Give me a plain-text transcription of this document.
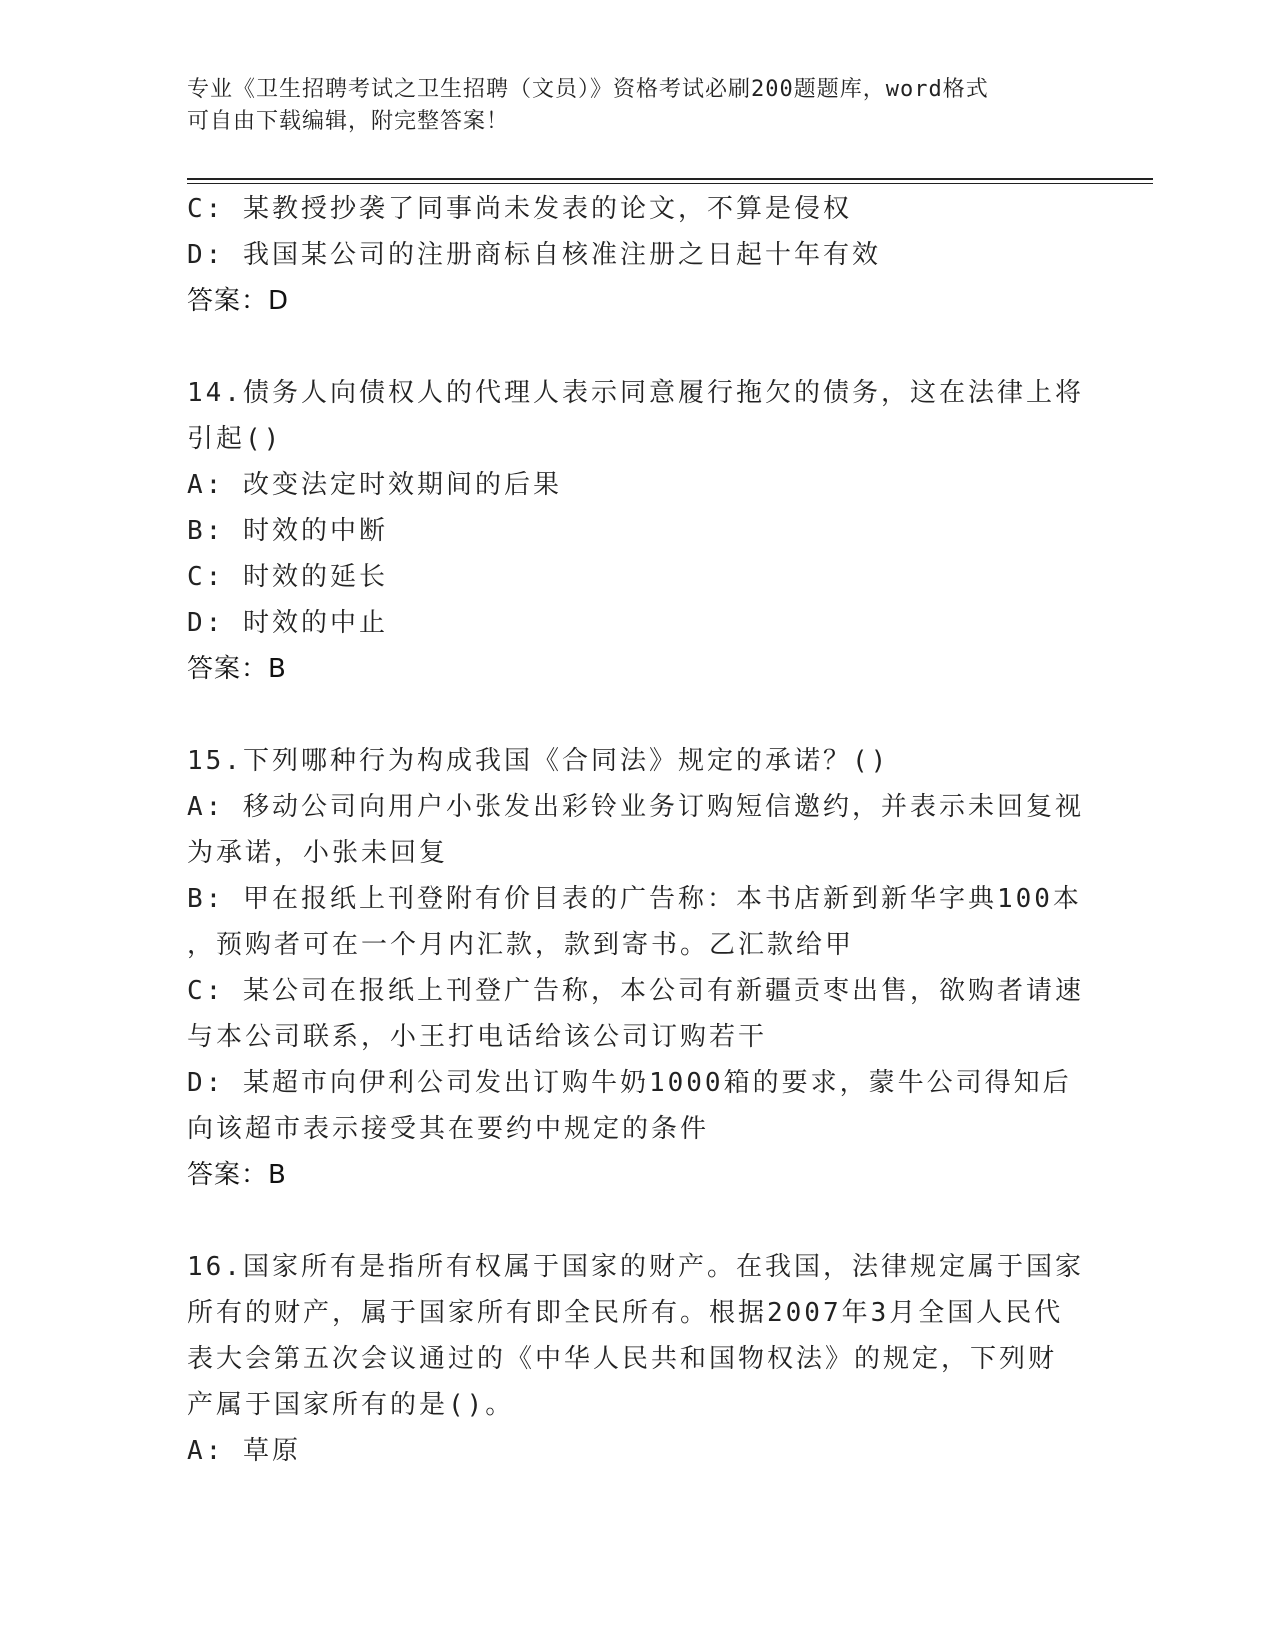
专业《卫生招聘考试之卫生招聘（文员）》资格考试必刷200题题库，word格式
可自由下载编辑，附完整答案！
C: 某教授抄袭了同事尚未发表的论文，不算是侵权
D: 我国某公司的注册商标自核准注册之日起十年有效
答案：D
14.债务人向债权人的代理人表示同意履行拖欠的债务，这在法律上将
引起()
A: 改变法定时效期间的后果
B: 时效的中断
C: 时效的延长
D: 时效的中止
答案：B
15.下列哪种行为构成我国《合同法》规定的承诺？()
A: 移动公司向用户小张发出彩铃业务订购短信邀约，并表示未回复视
为承诺，小张未回复
B: 甲在报纸上刊登附有价目表的广告称：本书店新到新华字典100本
，预购者可在一个月内汇款，款到寄书。乙汇款给甲
C: 某公司在报纸上刊登广告称，本公司有新疆贡枣出售，欲购者请速
与本公司联系，小王打电话给该公司订购若干
D: 某超市向伊利公司发出订购牛奶1000箱的要求，蒙牛公司得知后
向该超市表示接受其在要约中规定的条件
答案：B
16.国家所有是指所有权属于国家的财产。在我国，法律规定属于国家
所有的财产，属于国家所有即全民所有。根据2007年3月全国人民代
表大会第五次会议通过的《中华人民共和国物权法》的规定，下列财
产属于国家所有的是()。
A: 草原
